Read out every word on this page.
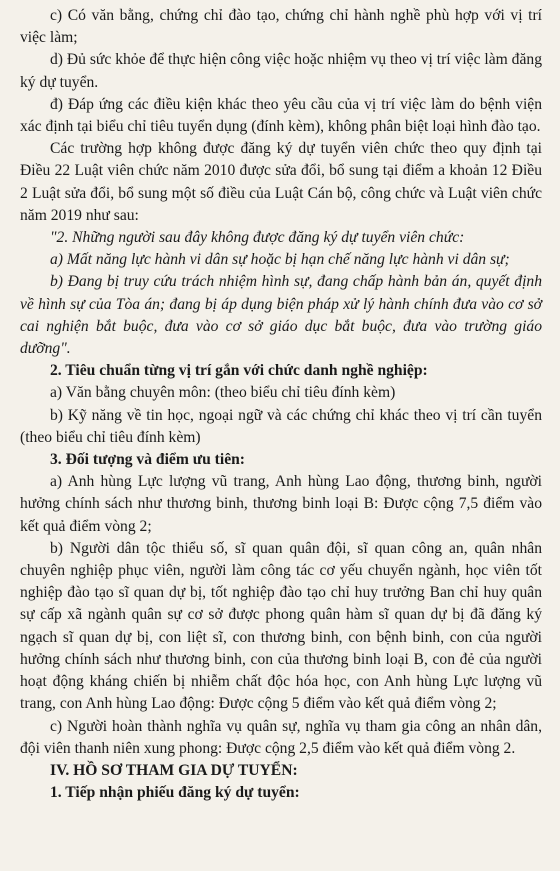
c) Có văn bằng, chứng chỉ đào tạo, chứng chỉ hành nghề phù hợp với vị trí việc làm;

d) Đủ sức khỏe để thực hiện công việc hoặc nhiệm vụ theo vị trí việc làm đăng ký dự tuyển.

đ) Đáp ứng các điều kiện khác theo yêu cầu của vị trí việc làm do bệnh viện xác định tại biểu chỉ tiêu tuyển dụng (đính kèm), không phân biệt loại hình đào tạo.

Các trường hợp không được đăng ký dự tuyển viên chức theo quy định tại Điều 22 Luật viên chức năm 2010 được sửa đổi, bổ sung tại điểm a khoản 12 Điều 2 Luật sửa đổi, bổ sung một số điều của Luật Cán bộ, công chức và Luật viên chức năm 2019 như sau:

"2. Những người sau đây không được đăng ký dự tuyển viên chức:

a) Mất năng lực hành vi dân sự hoặc bị hạn chế năng lực hành vi dân sự;

b) Đang bị truy cứu trách nhiệm hình sự, đang chấp hành bản án, quyết định về hình sự của Tòa án; đang bị áp dụng biện pháp xử lý hành chính đưa vào cơ sở cai nghiện bắt buộc, đưa vào cơ sở giáo dục bắt buộc, đưa vào trường giáo dưỡng".

2. Tiêu chuẩn từng vị trí gắn với chức danh nghề nghiệp:

a) Văn bằng chuyên môn: (theo biểu chỉ tiêu đính kèm)

b) Kỹ năng về tin học, ngoại ngữ và các chứng chỉ khác theo vị trí cần tuyển (theo biểu chỉ tiêu đính kèm)

3. Đối tượng và điểm ưu tiên:

a) Anh hùng Lực lượng vũ trang, Anh hùng Lao động, thương binh, người hưởng chính sách như thương binh, thương binh loại B: Được cộng 7,5 điểm vào kết quả điểm vòng 2;

b) Người dân tộc thiểu số, sĩ quan quân đội, sĩ quan công an, quân nhân chuyên nghiệp phục viên, người làm công tác cơ yếu chuyển ngành, học viên tốt nghiệp đào tạo sĩ quan dự bị, tốt nghiệp đào tạo chỉ huy trưởng Ban chỉ huy quân sự cấp xã ngành quân sự cơ sở được phong quân hàm sĩ quan dự bị đã đăng ký ngạch sĩ quan dự bị, con liệt sĩ, con thương binh, con bệnh binh, con của người hưởng chính sách như thương binh, con của thương binh loại B, con đẻ của người hoạt động kháng chiến bị nhiễm chất độc hóa học, con Anh hùng Lực lượng vũ trang, con Anh hùng Lao động: Được cộng 5 điểm vào kết quả điểm vòng 2;

c) Người hoàn thành nghĩa vụ quân sự, nghĩa vụ tham gia công an nhân dân, đội viên thanh niên xung phong: Được cộng 2,5 điểm vào kết quả điểm vòng 2.

IV. HỒ SƠ THAM GIA DỰ TUYỂN:

1. Tiếp nhận phiếu đăng ký dự tuyển:
